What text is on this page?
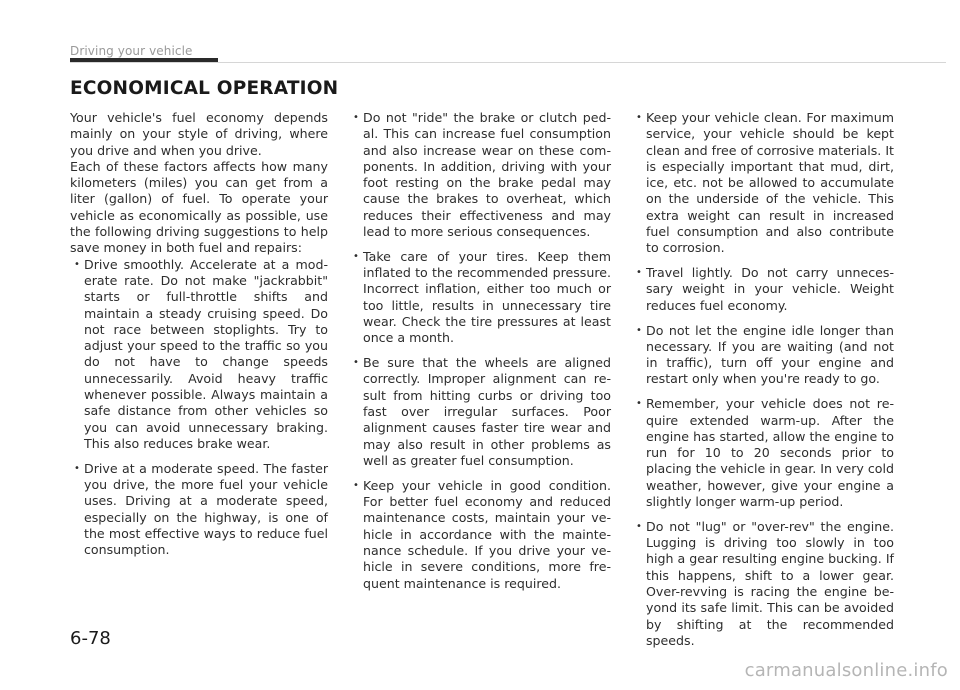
Driving your vehicle
ECONOMICAL OPERATION

Your vehicle's fuel economy depends mainly on your style of driving, where you drive and when you drive.

Each of these factors affects how many kilometers (miles) you can get from a liter (gallon) of fuel. To operate your vehicle as economically as possible, use the following driving suggestions to help save money in both fuel and repairs:

• Drive smoothly. Accelerate at a moderate rate. Do not make "jackrabbit" starts or full-throttle shifts and maintain a steady cruising speed. Do not race between stoplights. Try to adjust your speed to the traffic so you do not have to change speeds unnecessarily. Avoid heavy traffic whenever possible. Always maintain a safe distance from other vehicles so you can avoid unnecessary braking. This also reduces brake wear.
• Drive at a moderate speed. The faster you drive, the more fuel your vehicle uses. Driving at a moderate speed, especially on the highway, is one of the most effective ways to reduce fuel consumption.
• Do not "ride" the brake or clutch pedal. This can increase fuel consumption and also increase wear on these components. In addition, driving with your foot resting on the brake pedal may cause the brakes to overheat, which reduces their effectiveness and may lead to more serious consequences.
• Take care of your tires. Keep them inflated to the recommended pressure. Incorrect inflation, either too much or too little, results in unnecessary tire wear. Check the tire pressures at least once a month.
• Be sure that the wheels are aligned correctly. Improper alignment can result from hitting curbs or driving too fast over irregular surfaces. Poor alignment causes faster tire wear and may also result in other problems as well as greater fuel consumption.
• Keep your vehicle in good condition. For better fuel economy and reduced maintenance costs, maintain your vehicle in accordance with the maintenance schedule. If you drive your vehicle in severe conditions, more frequent maintenance is required.
• Keep your vehicle clean. For maximum service, your vehicle should be kept clean and free of corrosive materials. It is especially important that mud, dirt, ice, etc. not be allowed to accumulate on the underside of the vehicle. This extra weight can result in increased fuel consumption and also contribute to corrosion.
• Travel lightly. Do not carry unnecessary weight in your vehicle. Weight reduces fuel economy.
• Do not let the engine idle longer than necessary. If you are waiting (and not in traffic), turn off your engine and restart only when you're ready to go.
• Remember, your vehicle does not require extended warm-up. After the engine has started, allow the engine to run for 10 to 20 seconds prior to placing the vehicle in gear. In very cold weather, however, give your engine a slightly longer warm-up period.
• Do not "lug" or "over-rev" the engine. Lugging is driving too slowly in too high a gear resulting engine bucking. If this happens, shift to a lower gear. Over-revving is racing the engine beyond its safe limit. This can be avoided by shifting at the recommended speeds.
6-78
carmanualsonline.info
